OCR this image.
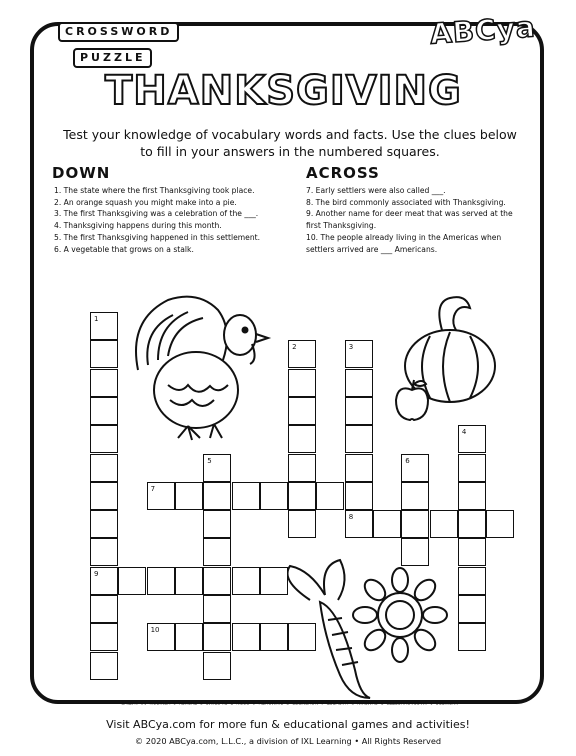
CROSSWORD
PUZZLE
ABCya
THANKSGIVING
Test your knowledge of vocabulary words and facts. Use the clues below to fill in your answers in the numbered squares.
DOWN
1. The state where the first Thanksgiving took place.
2. An orange squash you might make into a pie.
3. The first Thanksgiving was a celebration of the ___.
4. Thanksgiving happens during this month.
5. The first Thanksgiving happened in this settlement.
6. A vegetable that grows on a stalk.
ACROSS
7. Early settlers were also called ___.
8. The bird commonly associated with Thanksgiving.
9. Another name for deer meat that was served at the first Thanksgiving.
10. The people already living in the Americas when settlers arrived are ___ Americans.
1
2	3
4
5	6
7
8
9
10
ANSWERS: 1. MASSACHUSETTS, 2. PUMPKIN, 3. HARVEST, 4. NOVEMBER, 5. PLYMOUTH, 6. CORN, 7. PILGRIMS, 8. TURKEY, 9. VENISON, 10. NATIVE
Visit ABCya.com for more fun & educational games and activities!
© 2020 ABCya.com, L.L.C., a division of IXL Learning • All Rights Reserved
